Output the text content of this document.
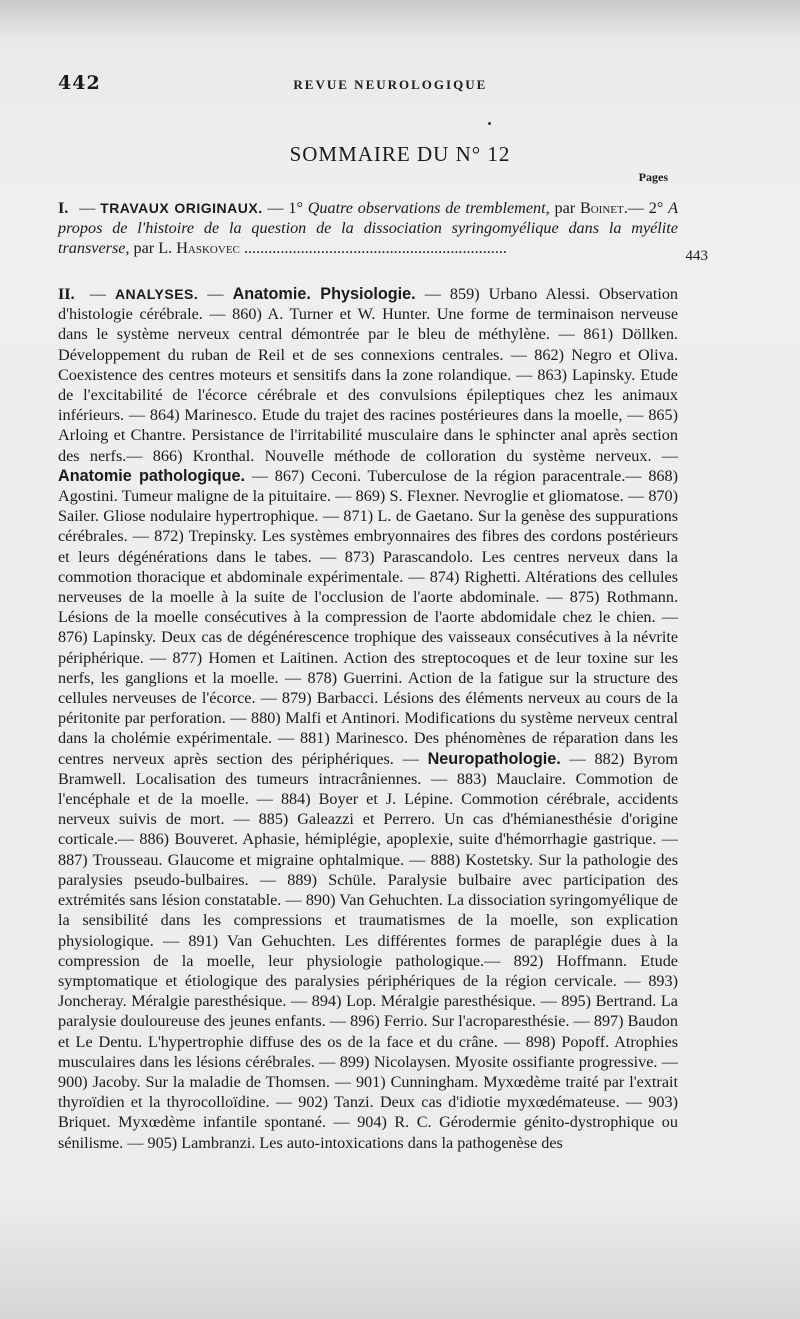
442	REVUE NEUROLOGIQUE
SOMMAIRE DU N° 12
Pages
I. — TRAVAUX ORIGINAUX. — 1° Quatre observations de tremblement, par Boinet.— 2° A propos de l'histoire de la question de la dissociation syringomyélique dans la myélite transverse, par L. Haskovec .................................................................	443
II. — ANALYSES. — Anatomie. Physiologie. — 859) Urbano Alessi. Observation d'histologie cérébrale. — 860) A. Turner et W. Hunter. Une forme de terminaison nerveuse dans le système nerveux central démontrée par le bleu de méthylène. — 861) Döllken. Développement du ruban de Reil et de ses connexions centrales. — 862) Negro et Oliva. Coexistence des centres moteurs et sensitifs dans la zone rolandique. — 863) Lapinsky. Etude de l'excitabilité de l'écorce cérébrale et des convulsions épileptiques chez les animaux inférieurs. — 864) Marinesco. Etude du trajet des racines postérieures dans la moelle, — 865) Arloing et Chantre. Persistance de l'irritabilité musculaire dans le sphincter anal après section des nerfs.— 866) Kronthal. Nouvelle méthode de colloration du système nerveux. — Anatomie pathologique. — 867) Ceconi. Tuberculose de la région paracentrale.— 868) Agostini. Tumeur maligne de la pituitaire. — 869) S. Flexner. Nevroglie et gliomatose. — 870) Sailer. Gliose nodulaire hypertrophique. — 871) L. de Gaetano. Sur la genèse des suppurations cérébrales. — 872) Trepinsky. Les systèmes embryonnaires des fibres des cordons postérieurs et leurs dégénérations dans le tabes. — 873) Parascandolo. Les centres nerveux dans la commotion thoracique et abdominale expérimentale. — 874) Righetti. Altérations des cellules nerveuses de la moelle à la suite de l'occlusion de l'aorte abdominale. — 875) Rothmann. Lésions de la moelle consécutives à la compression de l'aorte abdomidale chez le chien. — 876) Lapinsky. Deux cas de dégénérescence trophique des vaisseaux consécutives à la névrite périphérique. — 877) Homen et Laitinen. Action des streptocoques et de leur toxine sur les nerfs, les ganglions et la moelle. — 878) Guerrini. Action de la fatigue sur la structure des cellules nerveuses de l'écorce. — 879) Barbacci. Lésions des éléments nerveux au cours de la péritonite par perforation. — 880) Malfi et Antinori. Modifications du système nerveux central dans la cholémie expérimentale. — 881) Marinesco. Des phénomènes de réparation dans les centres nerveux après section des périphériques. — Neuropathologie. — 882) Byrom Bramwell. Localisation des tumeurs intracrâniennes. — 883) Mauclaire. Commotion de l'encéphale et de la moelle. — 884) Boyer et J. Lépine. Commotion cérébrale, accidents nerveux suivis de mort. — 885) Galeazzi et Perrero. Un cas d'hémianesthésie d'origine corticale.— 886) Bouveret. Aphasie, hémiplégie, apoplexie, suite d'hémorrhagie gastrique. — 887) Trousseau. Glaucome et migraine ophtalmique. — 888) Kostetsky. Sur la pathologie des paralysies pseudo-bulbaires. — 889) Schüle. Paralysie bulbaire avec participation des extrémités sans lésion constatable. — 890) Van Gehuchten. La dissociation syringomyélique de la sensibilité dans les compressions et traumatismes de la moelle, son explication physiologique. — 891) Van Gehuchten. Les différentes formes de paraplégie dues à la compression de la moelle, leur physiologie pathologique.— 892) Hoffmann. Etude symptomatique et étiologique des paralysies périphériques de la région cervicale. — 893) Joncheray. Méralgie paresthésique. — 894) Lop. Méralgie paresthésique. — 895) Bertrand. La paralysie douloureuse des jeunes enfants. — 896) Ferrio. Sur l'acroparesthésie. — 897) Baudon et Le Dentu. L'hypertrophie diffuse des os de la face et du crâne. — 898) Popoff. Atrophies musculaires dans les lésions cérébrales. — 899) Nicolaysen. Myosite ossifiante progressive. — 900) Jacoby. Sur la maladie de Thomsen. — 901) Cunningham. Myxœdème traité par l'extrait thyroïdien et la thyrocolloïdine. — 902) Tanzi. Deux cas d'idiotie myxœdémateuse. — 903) Briquet. Myxœdème infantile spontané. — 904) R. C. Gérodermie génito-dystrophique ou sénilisme. — 905) Lambranzi. Les auto-intoxications dans la pathogenèse des
